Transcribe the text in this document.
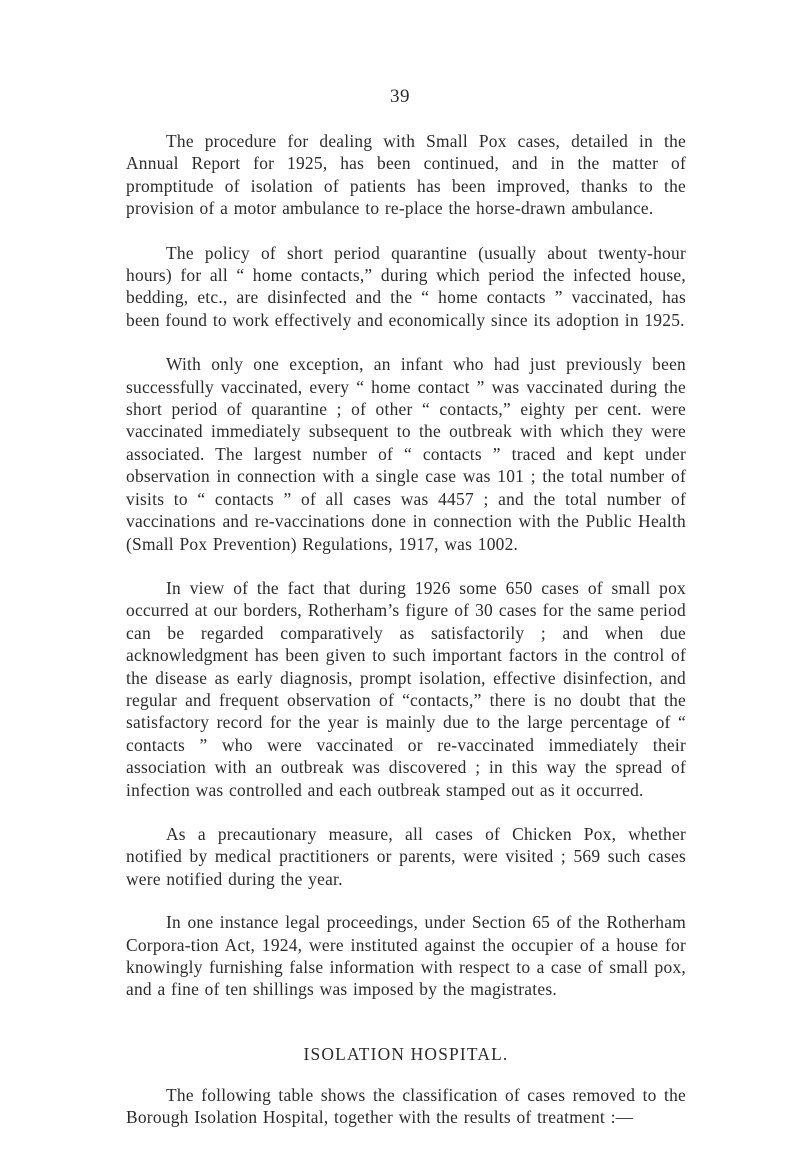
39

The procedure for dealing with Small Pox cases, detailed in the Annual Report for 1925, has been continued, and in the matter of promptitude of isolation of patients has been improved, thanks to the provision of a motor ambulance to re-place the horse-drawn ambulance.

The policy of short period quarantine (usually about twenty-hour hours) for all “ home contacts,” during which period the infected house, bedding, etc., are disinfected and the “ home contacts ” vaccinated, has been found to work effectively and economically since its adoption in 1925.

With only one exception, an infant who had just previously been successfully vaccinated, every “ home contact ” was vaccinated during the short period of quarantine ; of other “ contacts,” eighty per cent. were vaccinated immediately subsequent to the outbreak with which they were associated. The largest number of “ contacts ” traced and kept under observation in connection with a single case was 101 ; the total number of visits to “ contacts ” of all cases was 4457 ; and the total number of vaccinations and re-vaccinations done in connection with the Public Health (Small Pox Prevention) Regulations, 1917, was 1002.

In view of the fact that during 1926 some 650 cases of small pox occurred at our borders, Rotherham’s figure of 30 cases for the same period can be regarded comparatively as satisfactorily ; and when due acknowledgment has been given to such important factors in the control of the disease as early diagnosis, prompt isolation, effective disinfection, and regular and frequent observation of “contacts,” there is no doubt that the satisfactory record for the year is mainly due to the large percentage of “ contacts ” who were vaccinated or re-vaccinated immediately their association with an outbreak was discovered ; in this way the spread of infection was controlled and each outbreak stamped out as it occurred.

As a precautionary measure, all cases of Chicken Pox, whether notified by medical practitioners or parents, were visited ; 569 such cases were notified during the year.

In one instance legal proceedings, under Section 65 of the Rotherham Corpora-tion Act, 1924, were instituted against the occupier of a house for knowingly furnishing false information with respect to a case of small pox, and a fine of ten shillings was imposed by the magistrates.

ISOLATION HOSPITAL.

The following table shows the classification of cases removed to the Borough Isolation Hospital, together with the results of treatment :—
